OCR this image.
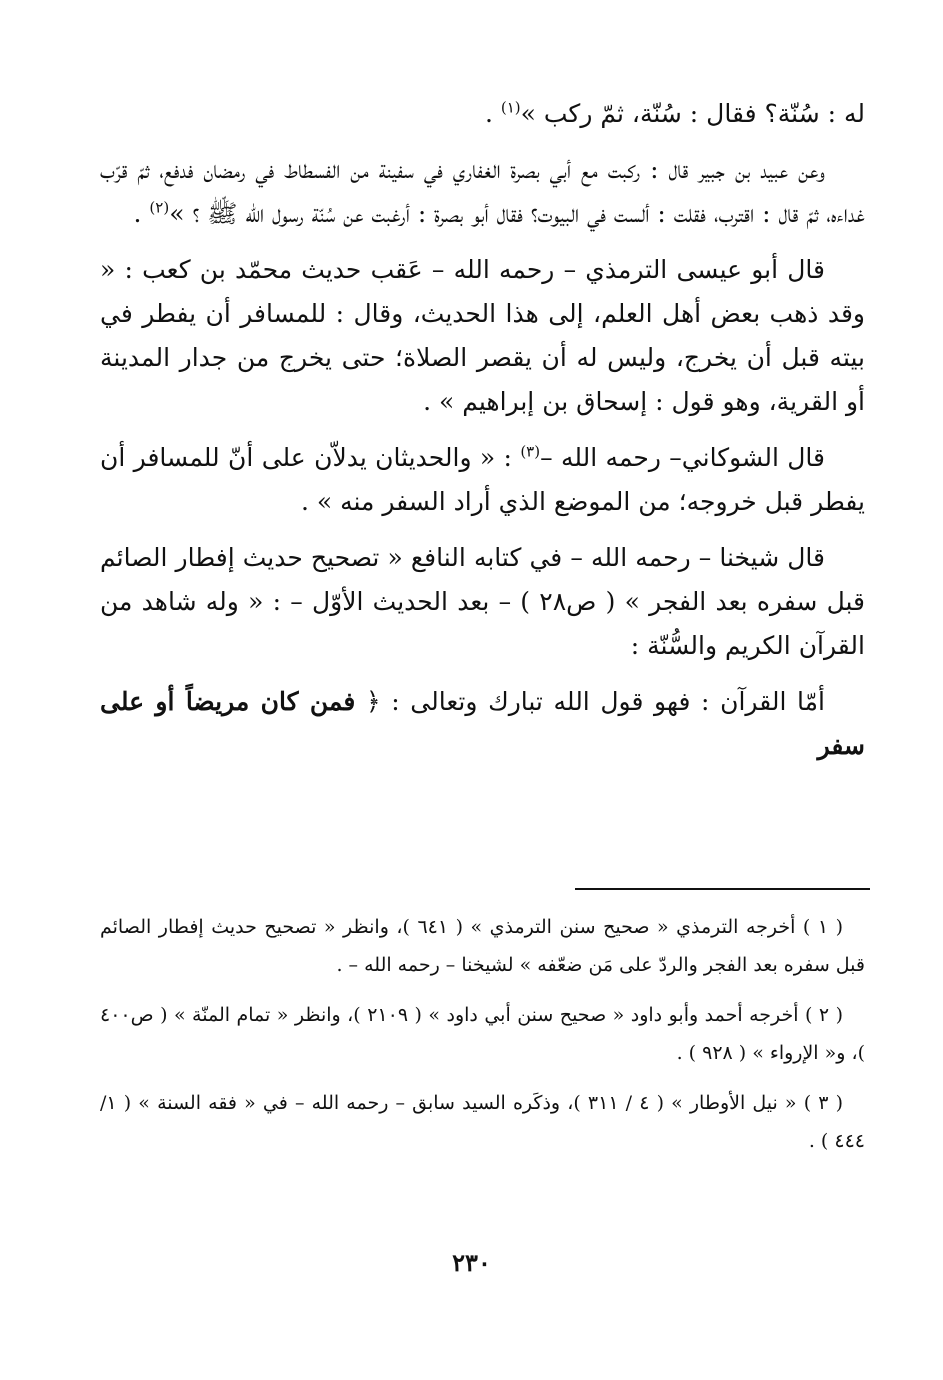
له : سُنّة؟ فقال : سُنّة، ثمّ ركب »$^{(١)}$ .

وعن عبيد بن جبير قال : ركبت مع أبي بصرة الغفاري في سفينة من الفسطاط في رمضان فدفع، ثمّ قرّب غداءه، ثمّ قال : اقترب، فقلت : ألست في البيوت؟ فقال أبو بصرة : أرغبت عن سُنّة رسول الله ﷺ ؟ »$^{(٢)}$ .

قال أبو عيسى الترمذي – رحمه الله – عَقب حديث محمّد بن كعب : « وقد ذهب بعض أهل العلم، إلى هذا الحديث، وقال : للمسافر أن يفطر في بيته قبل أن يخرج، وليس له أن يقصر الصلاة؛ حتى يخرج من جدار المدينة أو القرية، وهو قول : إسحاق بن إبراهيم » .

قال الشوكاني– رحمه الله –$^{(٣)}$ : « والحديثان يدلاّن على أنّ للمسافر أن يفطر قبل خروجه؛ من الموضع الذي أراد السفر منه » .

قال شيخنا – رحمه الله – في كتابه النافع « تصحيح حديث إفطار الصائم قبل سفره بعد الفجر » ( ص٢٨ ) – بعد الحديث الأوّل – : « وله شاهد من القرآن الكريم والسُّنّة :

أمّا القرآن : فهو قول الله تبارك وتعالى : ﴿ فمن كان مريضاً أو على سفر

( ١ ) أخرجه الترمذي « صحيح سنن الترمذي » ( ٦٤١ )، وانظر « تصحيح حديث إفطار الصائم قبل سفره بعد الفجر والردّ على مَن ضعّفه » لشيخنا – رحمه الله – .

( ٢ ) أخرجه أحمد وأبو داود « صحيح سنن أبي داود » ( ٢١٠٩ )، وانظر « تمام المنّة » ( ص٤٠٠ )، و« الإرواء » ( ٩٢٨ ) .

( ٣ ) « نيل الأوطار » ( ٤ / ٣١١ )، وذكَره السيد سابق – رحمه الله – في « فقه السنة » ( ١/ ٤٤٤ ) .

٢٣٠
